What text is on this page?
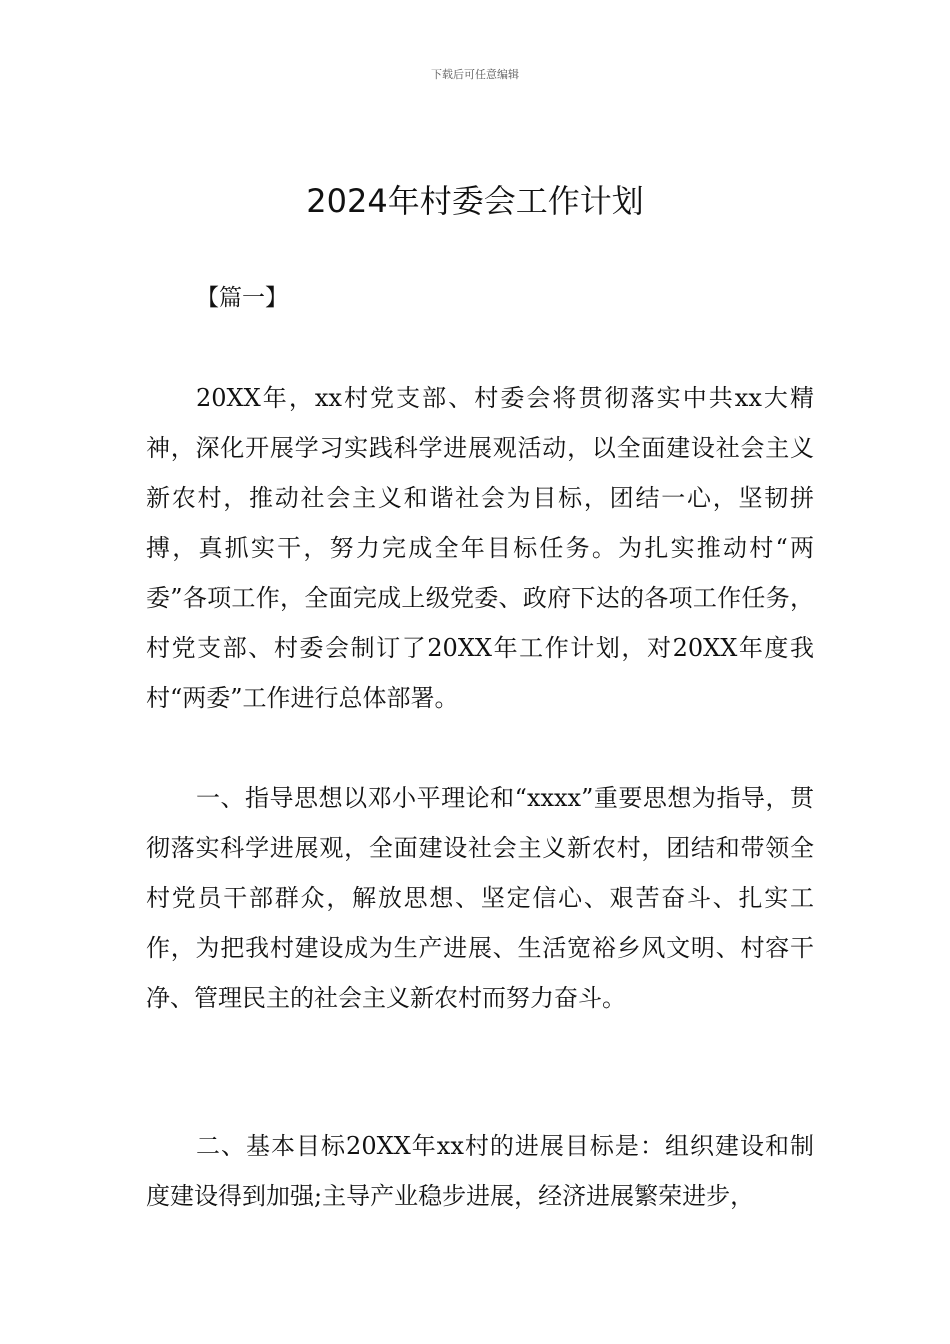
下载后可任意编辑
2024年村委会工作计划
【篇一】

20XX年，xx村党支部、村委会将贯彻落实中共xx大精神，深化开展学习实践科学进展观活动，以全面建设社会主义新农村，推动社会主义和谐社会为目标，团结一心，坚韧拼搏，真抓实干，努力完成全年目标任务。为扎实推动村“两委”各项工作，全面完成上级党委、政府下达的各项工作任务，村党支部、村委会制订了20XX年工作计划，对20XX年度我村“两委”工作进行总体部署。

一、指导思想以邓小平理论和“xxxx”重要思想为指导，贯彻落实科学进展观，全面建设社会主义新农村，团结和带领全村党员干部群众，解放思想、坚定信心、艰苦奋斗、扎实工作，为把我村建设成为生产进展、生活宽裕乡风文明、村容干净、管理民主的社会主义新农村而努力奋斗。

二、基本目标20XX年xx村的进展目标是：组织建设和制度建设得到加强;主导产业稳步进展，经济进展繁荣进步，
